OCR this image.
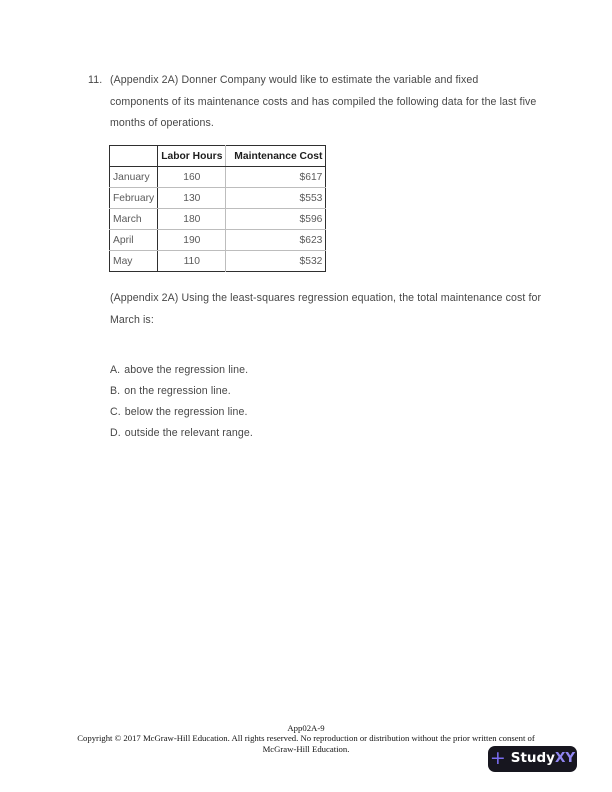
11. (Appendix 2A) Donner Company would like to estimate the variable and fixed components of its maintenance costs and has compiled the following data for the last five months of operations.
	Labor Hours	Maintenance Cost
January	160	$617
February	130	$553
March	180	$596
April	190	$623
May	110	$532
(Appendix 2A) Using the least-squares regression equation, the total maintenance cost for March is:
A. above the regression line.
B. on the regression line.
C. below the regression line.
D. outside the relevant range.
App02A-9
Copyright © 2017 McGraw-Hill Education. All rights reserved. No reproduction or distribution without the prior written consent of
McGraw-Hill Education.	+ StudyXY
